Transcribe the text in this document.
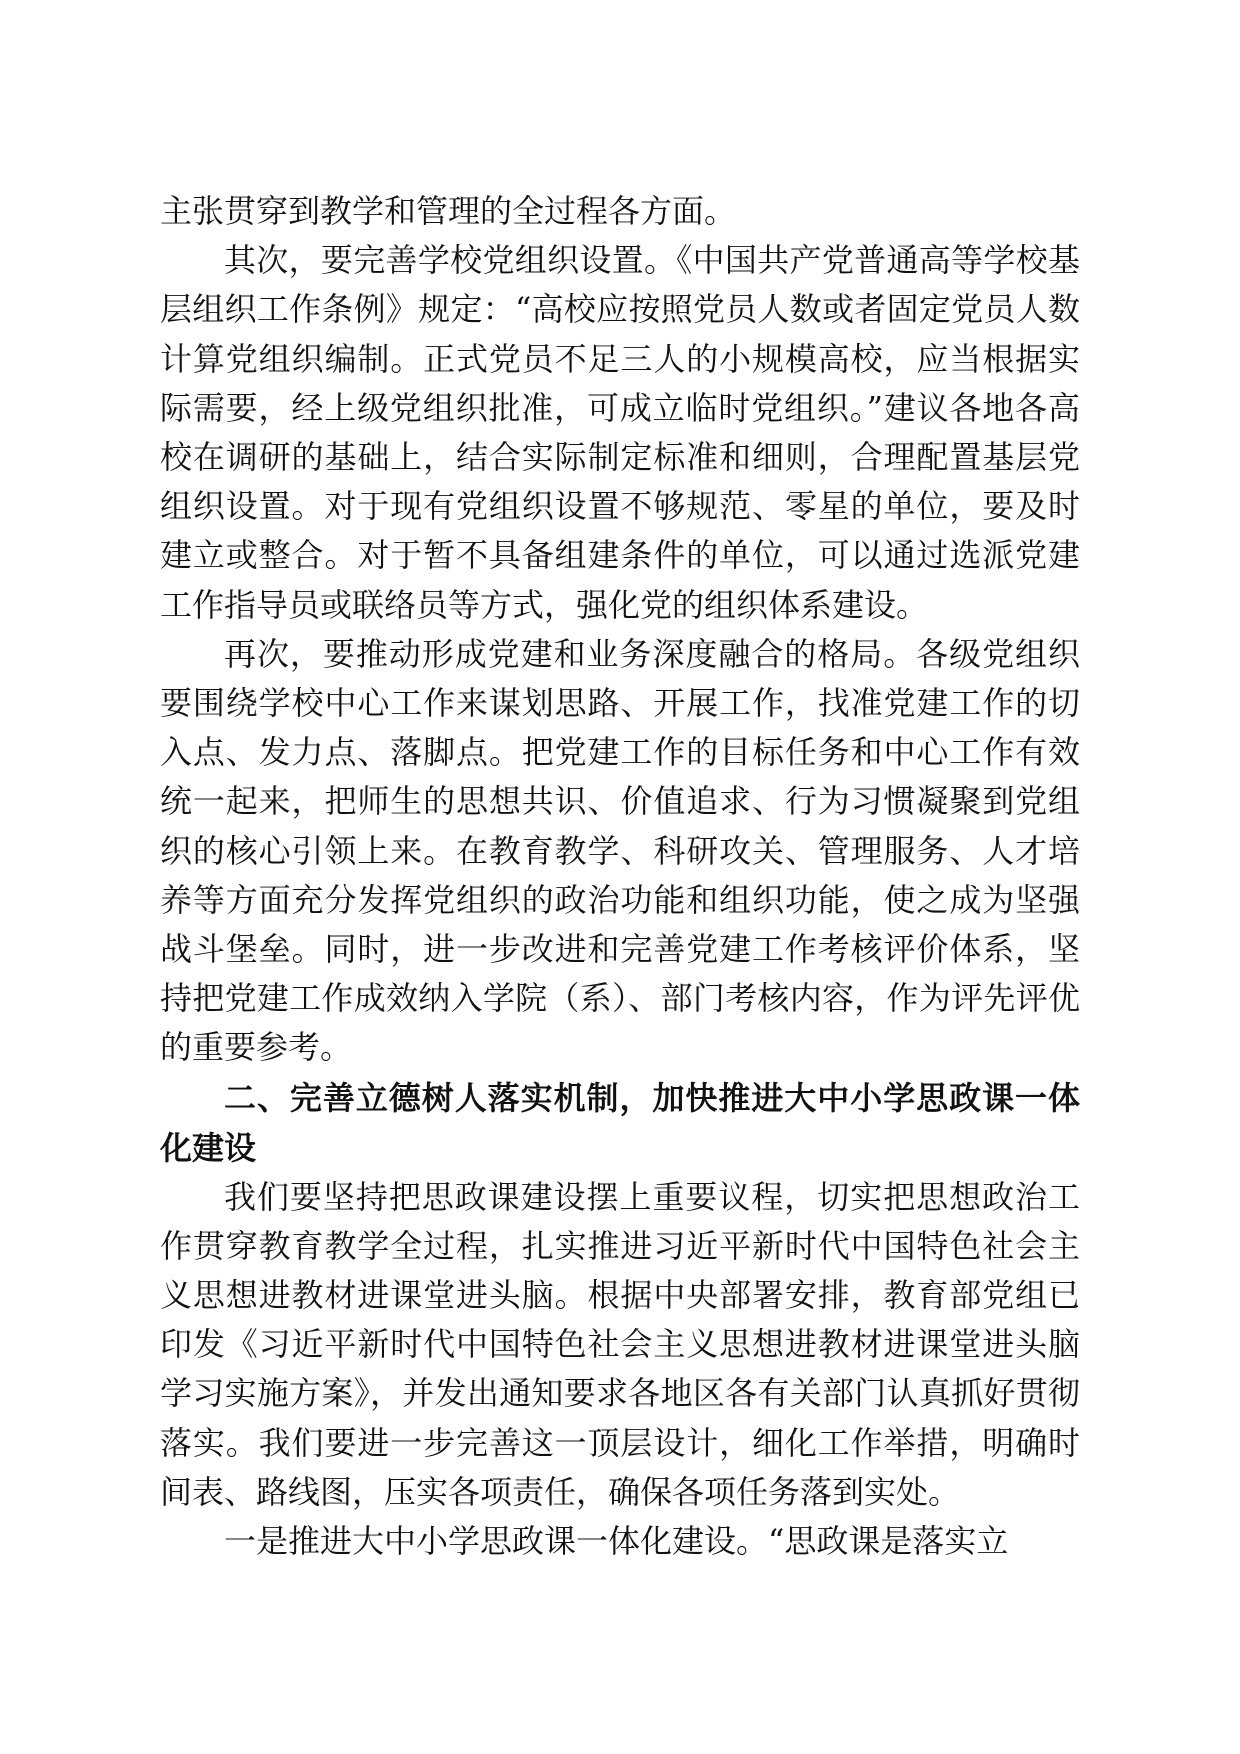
主张贯穿到教学和管理的全过程各方面。

其次，要完善学校党组织设置。《中国共产党普通高等学校基层组织工作条例》规定：“高校应按照党员人数或者固定党员人数计算党组织编制。正式党员不足三人的小规模高校，应当根据实际需要，经上级党组织批准，可成立临时党组织。”建议各地各高校在调研的基础上，结合实际制定标准和细则，合理配置基层党组织设置。对于现有党组织设置不够规范、零星的单位，要及时建立或整合。对于暂不具备组建条件的单位，可以通过选派党建工作指导员或联络员等方式，强化党的组织体系建设。

再次，要推动形成党建和业务深度融合的格局。各级党组织要围绕学校中心工作来谋划思路、开展工作，找准党建工作的切入点、发力点、落脚点。把党建工作的目标任务和中心工作有效统一起来，把师生的思想共识、价值追求、行为习惯凝聚到党组织的核心引领上来。在教育教学、科研攻关、管理服务、人才培养等方面充分发挥党组织的政治功能和组织功能，使之成为坚强战斗堡垒。同时，进一步改进和完善党建工作考核评价体系，坚持把党建工作成效纳入学院（系）、部门考核内容，作为评先评优的重要参考。

二、完善立德树人落实机制，加快推进大中小学思政课一体化建设

我们要坚持把思政课建设摆上重要议程，切实把思想政治工作贯穿教育教学全过程，扎实推进习近平新时代中国特色社会主义思想进教材进课堂进头脑。根据中央部署安排，教育部党组已印发《习近平新时代中国特色社会主义思想进教材进课堂进头脑学习实施方案》，并发出通知要求各地区各有关部门认真抓好贯彻落实。我们要进一步完善这一顶层设计，细化工作举措，明确时间表、路线图，压实各项责任，确保各项任务落到实处。

一是推进大中小学思政课一体化建设。“思政课是落实立
